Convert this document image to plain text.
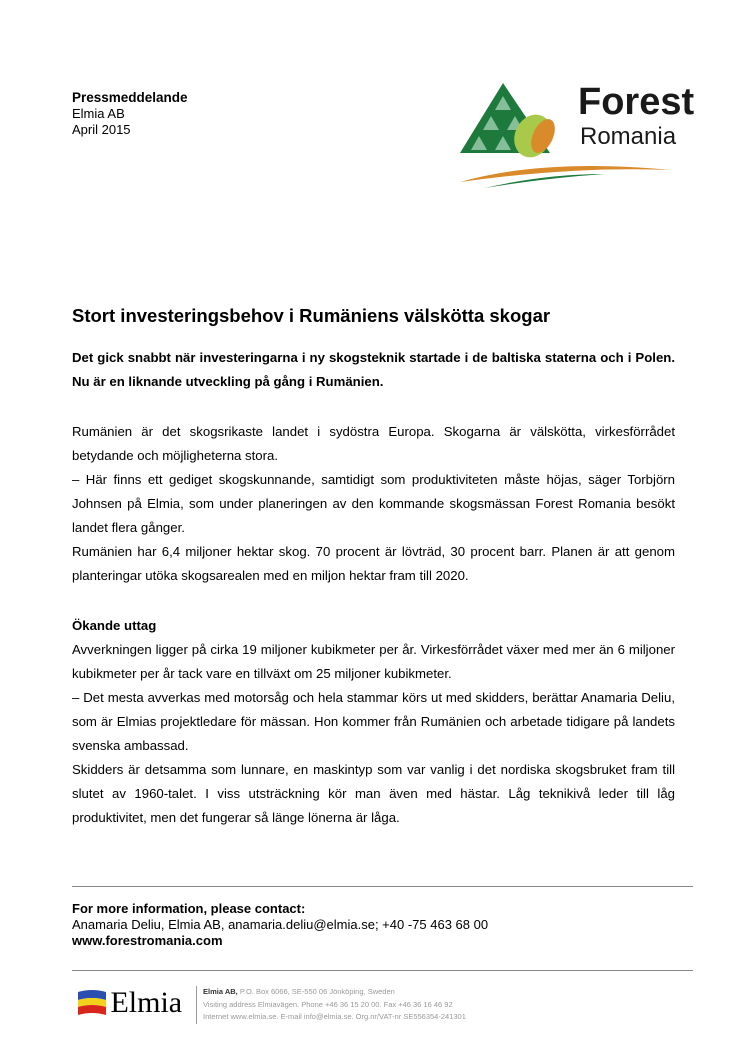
Pressmeddelande
Elmia AB
April 2015
Forest
Romania
Stort investeringsbehov i Rumäniens välskötta skogar

Det gick snabbt när investeringarna i ny skogsteknik startade i de baltiska staterna och i Polen. Nu är en liknande utveckling på gång i Rumänien.

Rumänien är det skogsrikaste landet i sydöstra Europa. Skogarna är välskötta, virkesförrådet betydande och möjligheterna stora.

– Här finns ett gediget skogskunnande, samtidigt som produktiviteten måste höjas, säger Torbjörn Johnsen på Elmia, som under planeringen av den kommande skogsmässan Forest Romania besökt landet flera gånger.

Rumänien har 6,4 miljoner hektar skog. 70 procent är lövträd, 30 procent barr. Planen är att genom planteringar utöka skogsarealen med en miljon hektar fram till 2020.

Ökande uttag

Avverkningen ligger på cirka 19 miljoner kubikmeter per år. Virkesförrådet växer med mer än 6 miljoner kubikmeter per år tack vare en tillväxt om 25 miljoner kubikmeter.

– Det mesta avverkas med motorsåg och hela stammar körs ut med skidders, berättar Anamaria Deliu, som är Elmias projektledare för mässan. Hon kommer från Rumänien och arbetade tidigare på landets svenska ambassad.

Skidders är detsamma som lunnare, en maskintyp som var vanlig i det nordiska skogsbruket fram till slutet av 1960-talet. I viss utsträckning kör man även med hästar. Låg teknikivå leder till låg produktivitet, men det fungerar så länge lönerna är låga.

For more information, please contact:
Anamaria Deliu, Elmia AB, anamaria.deliu@elmia.se; +40 -75 463 68 00
www.forestromania.com
Elmia	Elmia AB, P.O. Box 6066, SE-550 06 Jönköping, Sweden
Visiting address Elmiavägen. Phone +46 36 15 20 00. Fax +46 36 16 46 92
Internet www.elmia.se. E-mail info@elmia.se. Org.nr/VAT-nr SE556354-241301
